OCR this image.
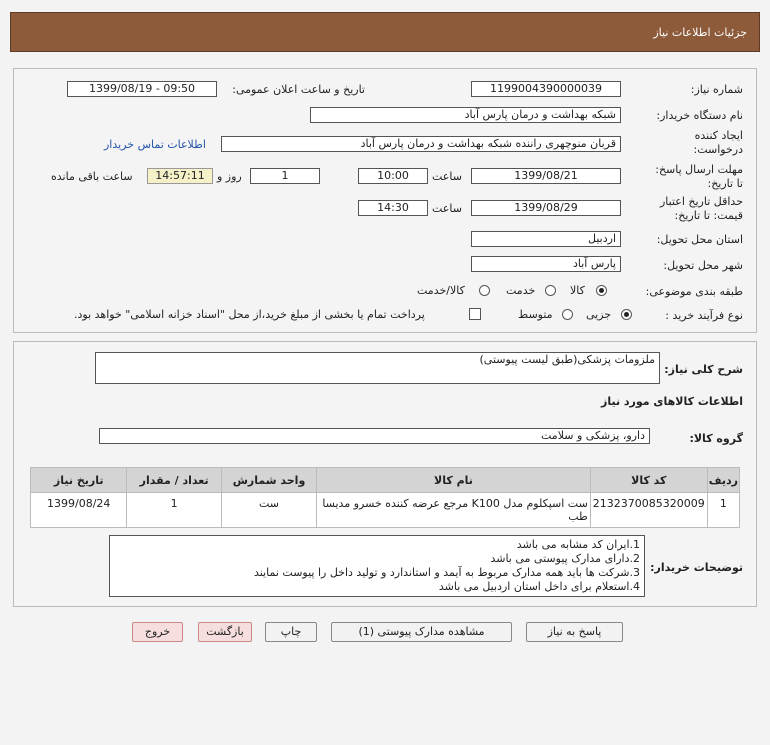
جزئیات اطلاعات نیاز
شماره نیاز:
1199004390000039
تاریخ و ساعت اعلان عمومی:
1399/08/19 - 09:50
نام دستگاه خریدار:
شبکه بهداشت و درمان پارس آباد
ایجاد کننده درخواست:
قربان منوچهری راننده شبکه بهداشت و درمان پارس آباد
اطلاعات تماس خریدار
مهلت ارسال پاسخ: تا تاریخ:
1399/08/21
ساعت
10:00
1
روز و
14:57:11
ساعت باقی مانده
حداقل تاریخ اعتبار قیمت: تا تاریخ:
1399/08/29
ساعت
14:30
استان محل تحویل:
اردبیل
شهر محل تحویل:
پارس آباد
طبقه بندی موضوعی:
کالا
خدمت
کالا/خدمت
نوع فرآیند خرید :
جزیی
متوسط
پرداخت تمام یا بخشی از مبلغ خرید،از محل "اسناد خزانه اسلامی" خواهد بود.
شرح کلی نیاز:
ملزومات پزشکی(طبق لیست پیوستی)
اطلاعات کالاهای مورد نیاز
گروه کالا:
دارو، پزشکی و سلامت
ردیف	کد کالا	نام کالا	واحد شمارش	تعداد / مقدار	تاریخ نیاز
1	2132370085320009	ست اسپکلوم مدل K100 مرجع عرضه کننده خسرو مدیسا طب	ست	1	1399/08/24
توضیحات خریدار:
1.ایران کد مشابه می باشد
2.دارای مدارک پیوستی می باشد
3.شرکت ها باید همه مدارک مربوط به آیمد و استاندارد و تولید داخل را پیوست نمایند
4.استعلام برای داخل استان اردبیل می باشد
پاسخ به نیاز
مشاهده مدارک پیوستی (1)
چاپ
بازگشت
خروج
